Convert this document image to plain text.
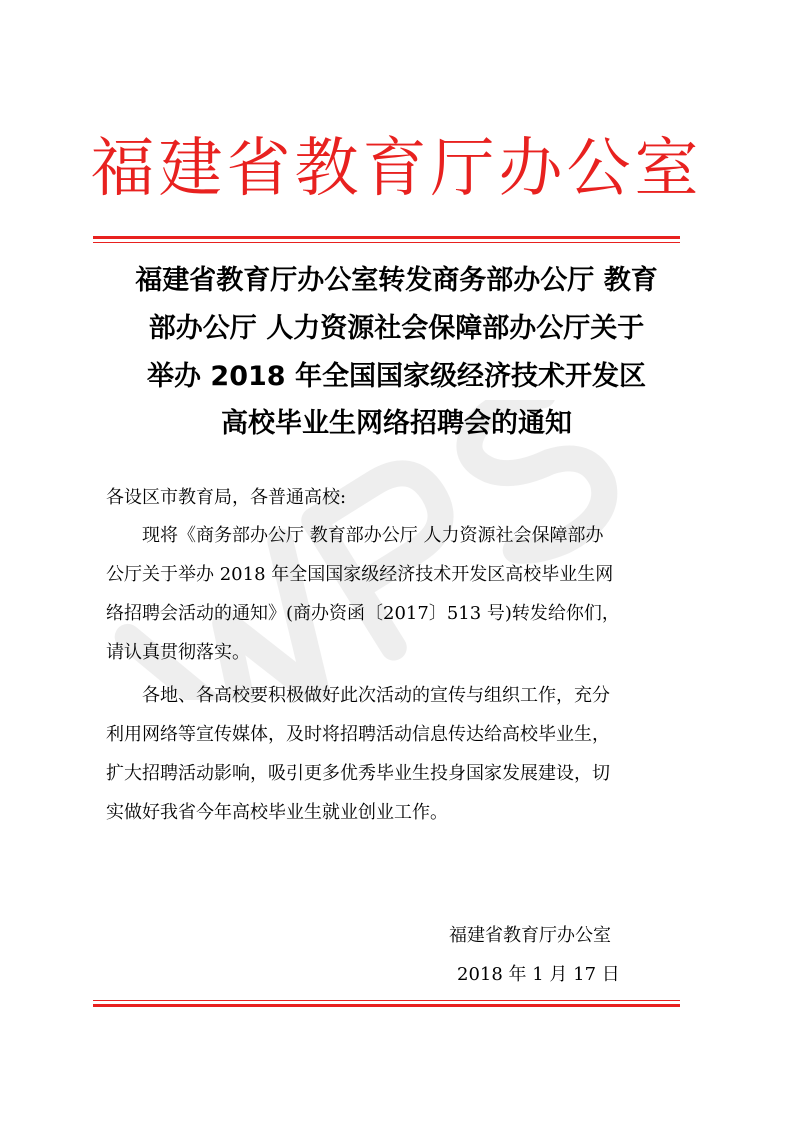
福建省教育厅办公室
福建省教育厅办公室转发商务部办公厅 教育
部办公厅 人力资源社会保障部办公厅关于
举办 2018 年全国国家级经济技术开发区
高校毕业生网络招聘会的通知
各设区市教育局，各普通高校:
现将《商务部办公厅 教育部办公厅 人力资源社会保障部办
公厅关于举办 2018 年全国国家级经济技术开发区高校毕业生网
络招聘会活动的通知》(商办资函〔2017〕513 号)转发给你们，
请认真贯彻落实。
各地、各高校要积极做好此次活动的宣传与组织工作，充分
利用网络等宣传媒体，及时将招聘活动信息传达给高校毕业生，
扩大招聘活动影响，吸引更多优秀毕业生投身国家发展建设，切
实做好我省今年高校毕业生就业创业工作。
福建省教育厅办公室
2018 年 1 月 17 日
